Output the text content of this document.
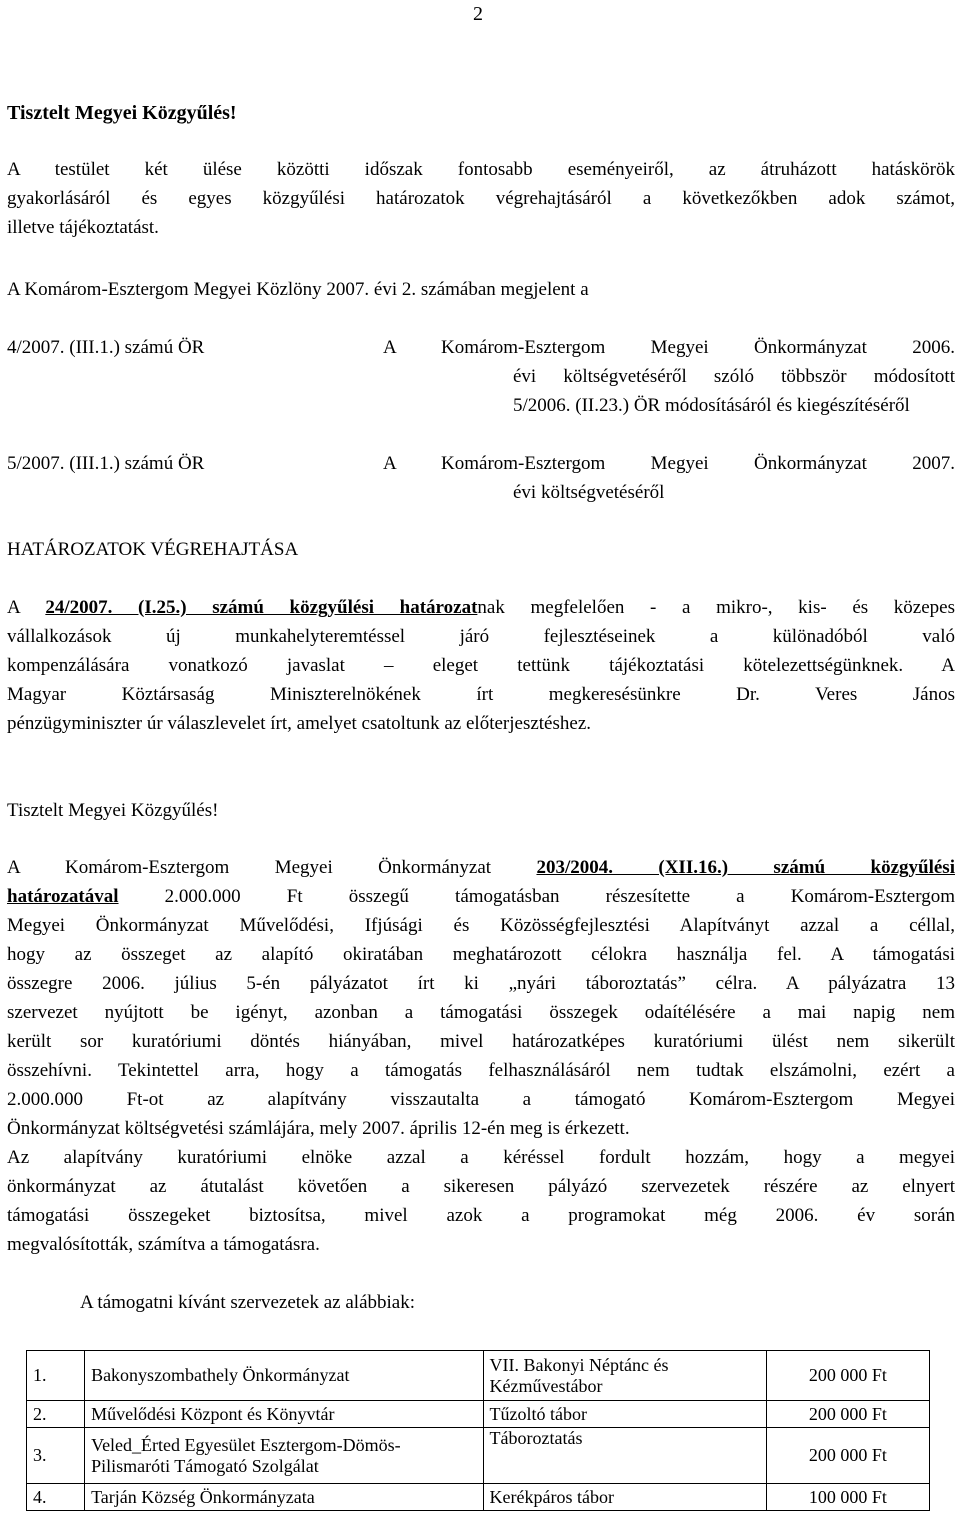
2
Tisztelt Megyei Közgyűlés!
A testület két ülése közötti időszak fontosabb eseményeiről, az átruházott hatáskörök
gyakorlásáról és egyes közgyűlési határozatok végrehajtásáról a következőkben adok számot,
illetve tájékoztatást.
A Komárom-Esztergom Megyei Közlöny 2007. évi 2. számában megjelent a
4/2007. (III.1.) számú ÖR	A Komárom-Esztergom Megyei Önkormányzat 2006.
évi költségvetéséről szóló többször módosított
5/2006. (II.23.) ÖR módosításáról és kiegészítéséről
5/2007. (III.1.) számú ÖR	A Komárom-Esztergom Megyei Önkormányzat 2007.
évi költségvetéséről
HATÁROZATOK VÉGREHAJTÁSA
A 24/2007. (I.25.) számú közgyűlési határozatnak megfelelően - a mikro-, kis- és közepes
vállalkozások új munkahelyteremtéssel járó fejlesztéseinek a különadóból való
kompenzálására vonatkozó javaslat – eleget tettünk tájékoztatási kötelezettségünknek. A
Magyar Köztársaság Miniszterelnökének írt megkeresésünkre Dr. Veres János
pénzügyminiszter úr válaszlevelet írt, amelyet csatoltunk az előterjesztéshez.
Tisztelt Megyei Közgyűlés!
A Komárom-Esztergom Megyei Önkormányzat 203/2004. (XII.16.) számú közgyűlési
határozatával 2.000.000 Ft összegű támogatásban részesítette a Komárom-Esztergom
Megyei Önkormányzat Művelődési, Ifjúsági és Közösségfejlesztési Alapítványt azzal a céllal,
hogy az összeget az alapító okiratában meghatározott célokra használja fel. A támogatási
összegre 2006. július 5-én pályázatot írt ki „nyári táboroztatás” célra. A pályázatra 13
szervezet nyújtott be igényt, azonban a támogatási összegek odaítélésére a mai napig nem
került sor kuratóriumi döntés hiányában, mivel határozatképes kuratóriumi ülést nem sikerült
összehívni. Tekintettel arra, hogy a támogatás felhasználásáról nem tudtak elszámolni, ezért a
2.000.000 Ft-ot az alapítvány visszautalta a támogató Komárom-Esztergom Megyei
Önkormányzat költségvetési számlájára, mely 2007. április 12-én meg is érkezett.
Az alapítvány kuratóriumi elnöke azzal a kéréssel fordult hozzám, hogy a megyei
önkormányzat az átutalást követően a sikeresen pályázó szervezetek részére az elnyert
támogatási összegeket biztosítsa, mivel azok a programokat még 2006. év során
megvalósították, számítva a támogatásra.
A támogatni kívánt szervezetek az alábbiak:
1.	Bakonyszombathely Önkormányzat	VII. Bakonyi Néptánc és
Kézművestábor	200 000 Ft
2.	Művelődési Központ és Könyvtár	Tűzoltó tábor	200 000 Ft
3.	Veled_Érted Egyesület Esztergom-Dömös-
Pilismaróti Támogató Szolgálat	Táboroztatás	200 000 Ft
4.	Tarján Község Önkormányzata	Kerékpáros tábor	100 000 Ft
